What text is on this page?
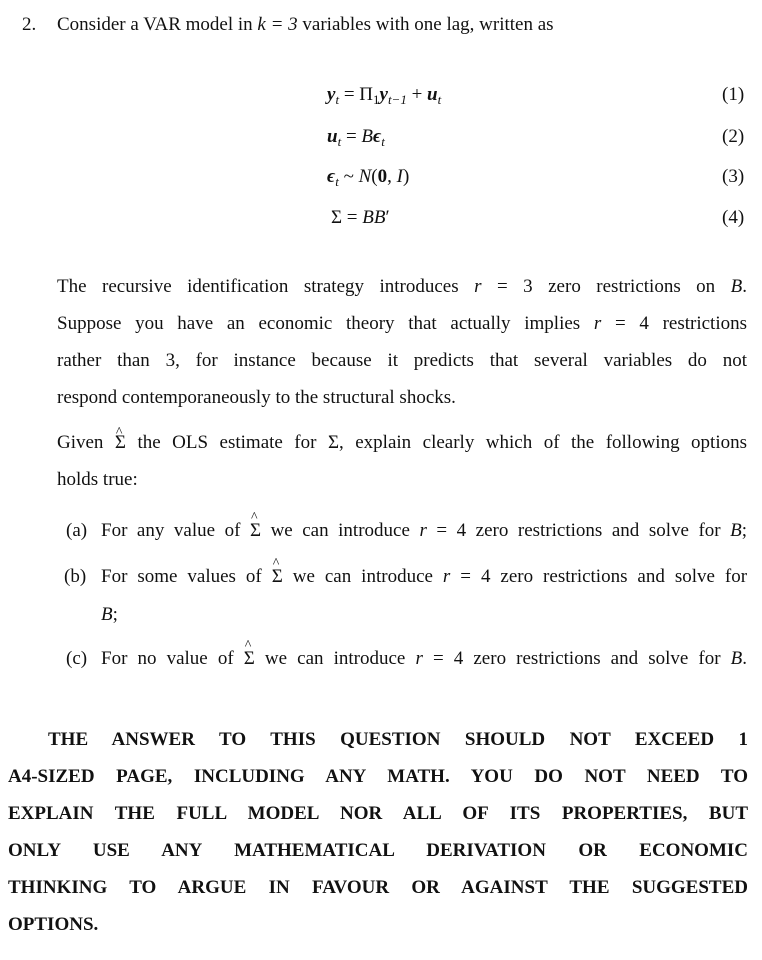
2. Consider a VAR model in k = 3 variables with one lag, written as
$y_t = \Pi_1y_{t-1} + u_t$	(1)
$u_t = B\epsilon_t$	(2)
$\epsilon_t$ ~ N(0, I)	(3)
Σ = BB′	(4)
The recursive identification strategy introduces r = 3 zero restrictions on B.
Suppose you have an economic theory that actually implies r = 4 restrictions
rather than 3, for instance because it predicts that several variables do not
respond contemporaneously to the structural shocks.
Given ^ Σ the OLS estimate for Σ, explain clearly which of the following options
holds true:
(a) For any value of ^ Σ we can introduce r = 4 zero restrictions and solve for B;
(b) For some values of ^ Σ we can introduce r = 4 zero restrictions and solve for
B;
(c) For no value of ^ Σ we can introduce r = 4 zero restrictions and solve for B.
THE ANSWER TO THIS QUESTION SHOULD NOT EXCEED 1
A4-SIZED PAGE, INCLUDING ANY MATH. YOU DO NOT NEED TO
EXPLAIN THE FULL MODEL NOR ALL OF ITS PROPERTIES, BUT
ONLY USE ANY MATHEMATICAL DERIVATION OR ECONOMIC
THINKING TO ARGUE IN FAVOUR OR AGAINST THE SUGGESTED
OPTIONS.
